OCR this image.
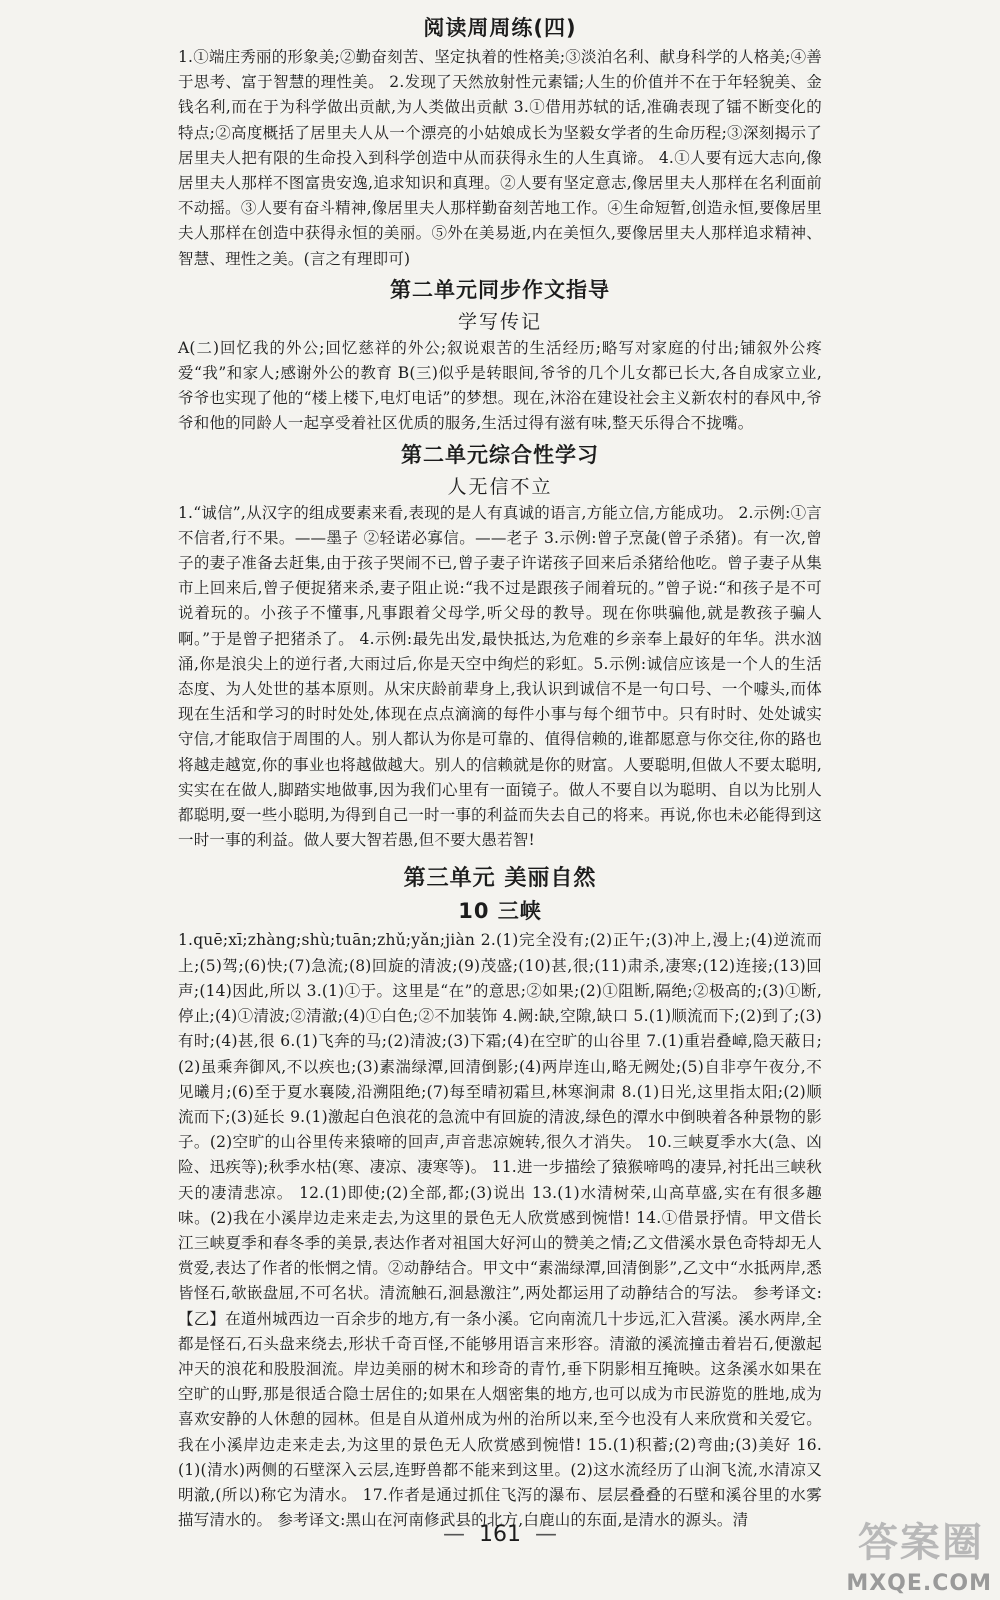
阅读周周练(四)

1.①端庄秀丽的形象美;②勤奋刻苦、坚定执着的性格美;③淡泊名利、献身科学的人格美;④善于思考、富于智慧的理性美。 2.发现了天然放射性元素镭;人生的价值并不在于年轻貌美、金钱名利,而在于为科学做出贡献,为人类做出贡献 3.①借用苏轼的话,准确表现了镭不断变化的特点;②高度概括了居里夫人从一个漂亮的小姑娘成长为坚毅女学者的生命历程;③深刻揭示了居里夫人把有限的生命投入到科学创造中从而获得永生的人生真谛。 4.①人要有远大志向,像居里夫人那样不图富贵安逸,追求知识和真理。②人要有坚定意志,像居里夫人那样在名利面前不动摇。③人要有奋斗精神,像居里夫人那样勤奋刻苦地工作。④生命短暂,创造永恒,要像居里夫人那样在创造中获得永恒的美丽。⑤外在美易逝,内在美恒久,要像居里夫人那样追求精神、智慧、理性之美。(言之有理即可)

第二单元同步作文指导
学写传记

A(二)回忆我的外公;回忆慈祥的外公;叙说艰苦的生活经历;略写对家庭的付出;铺叙外公疼爱“我”和家人;感谢外公的教育 B(三)似乎是转眼间,爷爷的几个儿女都已长大,各自成家立业,爷爷也实现了他的“楼上楼下,电灯电话”的梦想。现在,沐浴在建设社会主义新农村的春风中,爷爷和他的同龄人一起享受着社区优质的服务,生活过得有滋有味,整天乐得合不拢嘴。

第二单元综合性学习
人无信不立

1.“诚信”,从汉字的组成要素来看,表现的是人有真诚的语言,方能立信,方能成功。 2.示例:①言不信者,行不果。——墨子 ②轻诺必寡信。——老子 3.示例:曾子烹彘(曾子杀猪)。有一次,曾子的妻子准备去赶集,由于孩子哭闹不已,曾子妻子许诺孩子回来后杀猪给他吃。曾子妻子从集市上回来后,曾子便捉猪来杀,妻子阻止说:“我不过是跟孩子闹着玩的。”曾子说:“和孩子是不可说着玩的。小孩子不懂事,凡事跟着父母学,听父母的教导。现在你哄骗他,就是教孩子骗人啊。”于是曾子把猪杀了。 4.示例:最先出发,最快抵达,为危难的乡亲奉上最好的年华。洪水汹涌,你是浪尖上的逆行者,大雨过后,你是天空中绚烂的彩虹。5.示例:诚信应该是一个人的生活态度、为人处世的基本原则。从宋庆龄前辈身上,我认识到诚信不是一句口号、一个噱头,而体现在生活和学习的时时处处,体现在点点滴滴的每件小事与每个细节中。只有时时、处处诚实守信,才能取信于周围的人。别人都认为你是可靠的、值得信赖的,谁都愿意与你交往,你的路也将越走越宽,你的事业也将越做越大。别人的信赖就是你的财富。人要聪明,但做人不要太聪明,实实在在做人,脚踏实地做事,因为我们心里有一面镜子。做人不要自以为聪明、自以为比别人都聪明,耍一些小聪明,为得到自己一时一事的利益而失去自己的将来。再说,你也未必能得到这一时一事的利益。做人要大智若愚,但不要大愚若智!

第三单元 美丽自然
10 三峡

1.quē;xī;zhàng;shù;tuān;zhǔ;yǎn;jiàn 2.(1)完全没有;(2)正午;(3)冲上,漫上;(4)逆流而上;(5)驾;(6)快;(7)急流;(8)回旋的清波;(9)茂盛;(10)甚,很;(11)肃杀,凄寒;(12)连接;(13)回声;(14)因此,所以 3.(1)①于。这里是“在”的意思;②如果;(2)①阻断,隔绝;②极高的;(3)①断,停止;(4)①清波;②清澈;(4)①白色;②不加装饰 4.阙:缺,空隙,缺口 5.(1)顺流而下;(2)到了;(3)有时;(4)甚,很 6.(1)飞奔的马;(2)清波;(3)下霜;(4)在空旷的山谷里 7.(1)重岩叠嶂,隐天蔽日;(2)虽乘奔御风,不以疾也;(3)素湍绿潭,回清倒影;(4)两岸连山,略无阙处;(5)自非亭午夜分,不见曦月;(6)至于夏水襄陵,沿溯阻绝;(7)每至晴初霜旦,林寒涧肃 8.(1)日光,这里指太阳;(2)顺流而下;(3)延长 9.(1)激起白色浪花的急流中有回旋的清波,绿色的潭水中倒映着各种景物的影子。(2)空旷的山谷里传来猿啼的回声,声音悲凉婉转,很久才消失。 10.三峡夏季水大(急、凶险、迅疾等);秋季水枯(寒、凄凉、凄寒等)。 11.进一步描绘了猿猴啼鸣的凄异,衬托出三峡秋天的凄清悲凉。 12.(1)即使;(2)全部,都;(3)说出 13.(1)水清树荣,山高草盛,实在有很多趣味。(2)我在小溪岸边走来走去,为这里的景色无人欣赏感到惋惜! 14.①借景抒情。甲文借长江三峡夏季和春冬季的美景,表达作者对祖国大好河山的赞美之情;乙文借溪水景色奇特却无人赏爱,表达了作者的怅惘之情。②动静结合。甲文中“素湍绿潭,回清倒影”,乙文中“水抵两岸,悉皆怪石,欹嵌盘屈,不可名状。清流触石,洄悬激注”,两处都运用了动静结合的写法。 参考译文:【乙】在道州城西边一百余步的地方,有一条小溪。它向南流几十步远,汇入营溪。溪水两岸,全都是怪石,石头盘来绕去,形状千奇百怪,不能够用语言来形容。清澈的溪流撞击着岩石,便激起冲天的浪花和股股洄流。岸边美丽的树木和珍奇的青竹,垂下阴影相互掩映。这条溪水如果在空旷的山野,那是很适合隐士居住的;如果在人烟密集的地方,也可以成为市民游览的胜地,成为喜欢安静的人休憩的园林。但是自从道州成为州的治所以来,至今也没有人来欣赏和关爱它。我在小溪岸边走来走去,为这里的景色无人欣赏感到惋惜! 15.(1)积蓄;(2)弯曲;(3)美好 16.(1)(清水)两侧的石壁深入云层,连野兽都不能来到这里。(2)这水流经历了山涧飞流,水清凉又明澈,(所以)称它为清水。 17.作者是通过抓住飞泻的瀑布、层层叠叠的石壁和溪谷里的水雾描写清水的。 参考译文:黑山在河南修武县的北方,白鹿山的东面,是清水的源头。清

— 161 —	答案圈
MXQE.COM
